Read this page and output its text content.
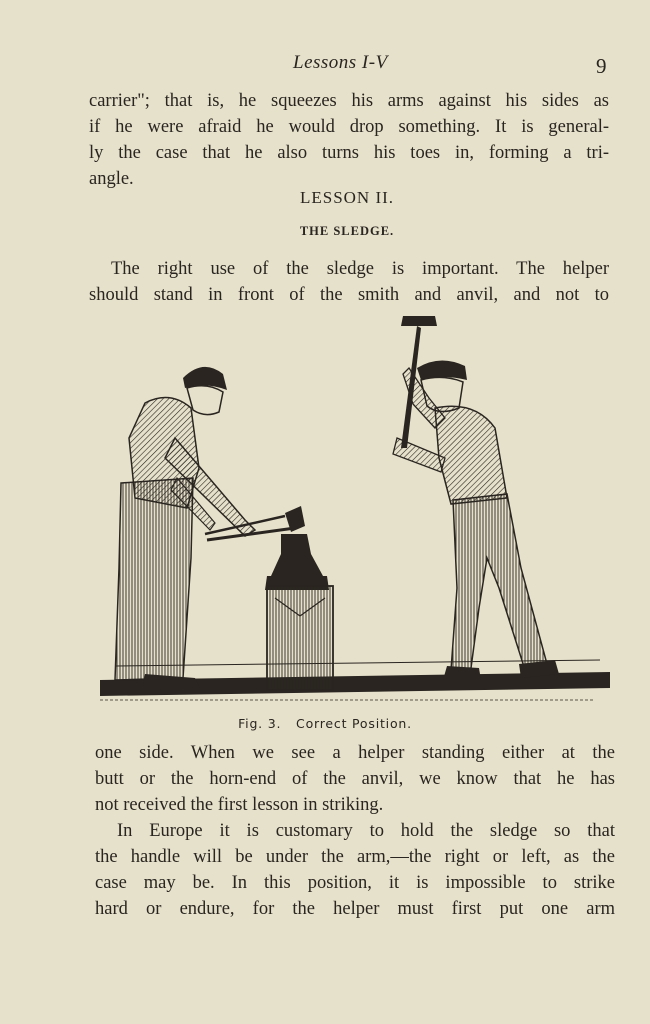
Lessons I-V	9

carrier"; that is, he squeezes his arms against his sides as
if he were afraid he would drop something. It is general-
ly the case that he also turns his toes in, forming a tri-
angle.

LESSON II.
THE SLEDGE.

The right use of the sledge is important. The helper
should stand in front of the smith and anvil, and not to

Fig. 3. Correct Position.

one side. When we see a helper standing either at the
butt or the horn-end of the anvil, we know that he has
not received the first lesson in striking.

In Europe it is customary to hold the sledge so that
the handle will be under the arm,—the right or left, as the
case may be. In this position, it is impossible to strike
hard or endure, for the helper must first put one arm
